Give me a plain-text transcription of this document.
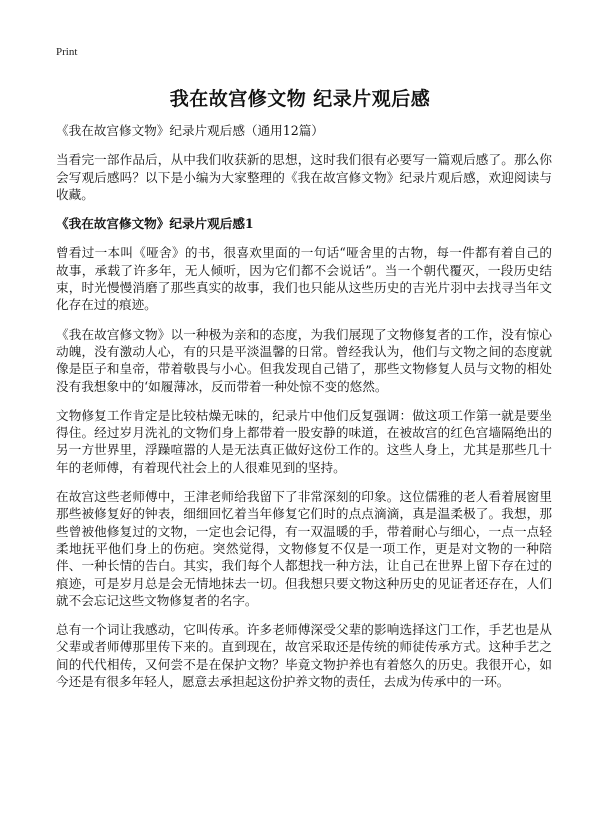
Print
我在故宫修文物 纪录片观后感

《我在故宫修文物》纪录片观后感（通用12篇）

当看完一部作品后，从中我们收获新的思想，这时我们很有必要写一篇观后感了。那么你会写观后感吗？以下是小编为大家整理的《我在故宫修文物》纪录片观后感，欢迎阅读与收藏。

《我在故宫修文物》纪录片观后感1

曾看过一本叫《哑舍》的书，很喜欢里面的一句话“哑舍里的古物，每一件都有着自己的故事，承载了许多年，无人倾听，因为它们都不会说话”。当一个朝代覆灭，一段历史结束，时光慢慢消磨了那些真实的故事，我们也只能从这些历史的吉光片羽中去找寻当年文化存在过的痕迹。

《我在故宫修文物》以一种极为亲和的态度，为我们展现了文物修复者的工作，没有惊心动魄，没有激动人心，有的只是平淡温馨的日常。曾经我认为，他们与文物之间的态度就像是臣子和皇帝，带着敬畏与小心。但我发现自己错了，那些文物修复人员与文物的相处没有我想象中的‘如履薄冰，反而带着一种处惊不变的悠然。

文物修复工作肯定是比较枯燥无味的，纪录片中他们反复强调：做这项工作第一就是要坐得住。经过岁月洗礼的文物们身上都带着一股安静的味道，在被故宫的红色宫墙隔绝出的另一方世界里，浮躁喧嚣的人是无法真正做好这份工作的。这些人身上，尤其是那些几十年的老师傅，有着现代社会上的人很难见到的坚持。

在故宫这些老师傅中，王津老师给我留下了非常深刻的印象。这位儒雅的老人看着展窗里那些被修复好的钟表，细细回忆着当年修复它们时的点点滴滴，真是温柔极了。我想，那些曾被他修复过的文物，一定也会记得，有一双温暖的手，带着耐心与细心，一点一点轻柔地抚平他们身上的伤疤。突然觉得，文物修复不仅是一项工作，更是对文物的一种陪伴、一种长情的告白。其实，我们每个人都想找一种方法，让自己在世界上留下存在过的痕迹，可是岁月总是会无情地抹去一切。但我想只要文物这种历史的见证者还存在，人们就不会忘记这些文物修复者的名字。

总有一个词让我感动，它叫传承。许多老师傅深受父辈的影响选择这门工作，手艺也是从父辈或者师傅那里传下来的。直到现在，故宫采取还是传统的师徒传承方式。这种手艺之间的代代相传，又何尝不是在保护文物？毕竟文物护养也有着悠久的历史。我很开心，如今还是有很多年轻人，愿意去承担起这份护养文物的责任，去成为传承中的一环。
